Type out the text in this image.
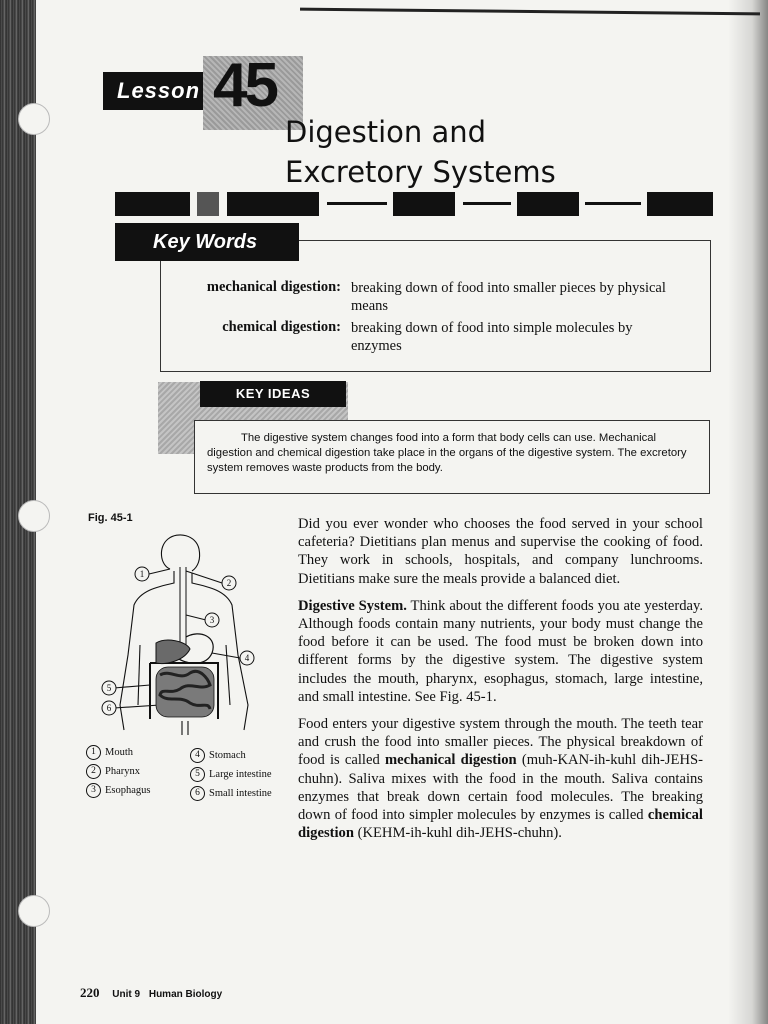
Lesson 45
Digestion and
Excretory Systems
mechanical digestion: breaking down of food into smaller pieces by physical means
chemical digestion: breaking down of food into simple molecules by enzymes
Key Words
KEY IDEAS
The digestive system changes food into a form that body cells can use. Mechanical digestion and chemical digestion take place in the organs of the digestive system. The excretory system removes waste products from the body.
Fig. 45-1
1
2
3
4
5
6
1 Mouth
2 Pharynx
3 Esophagus
4 Stomach
5 Large intestine
6 Small intestine

Did you ever wonder who chooses the food served in your school cafeteria? Dietitians plan menus and supervise the cooking of food. They work in schools, hospitals, and company lunchrooms. Dietitians make sure the meals provide a balanced diet.

Digestive System. Think about the different foods you ate yesterday. Although foods contain many nutrients, your body must change the food before it can be used. The food must be broken down into different forms by the digestive system. The digestive system includes the mouth, pharynx, esophagus, stomach, large intestine, and small intestine. See Fig. 45-1.

Food enters your digestive system through the mouth. The teeth tear and crush the food into smaller pieces. The physical breakdown of food is called mechanical digestion (muh-KAN-ih-kuhl dih-JEHS-chuhn). Saliva mixes with the food in the mouth. Saliva contains enzymes that break down certain food molecules. The breaking down of food into simpler molecules by enzymes is called chemical digestion (KEHM-ih-kuhl dih-JEHS-chuhn).

220 Unit 9 Human Biology
